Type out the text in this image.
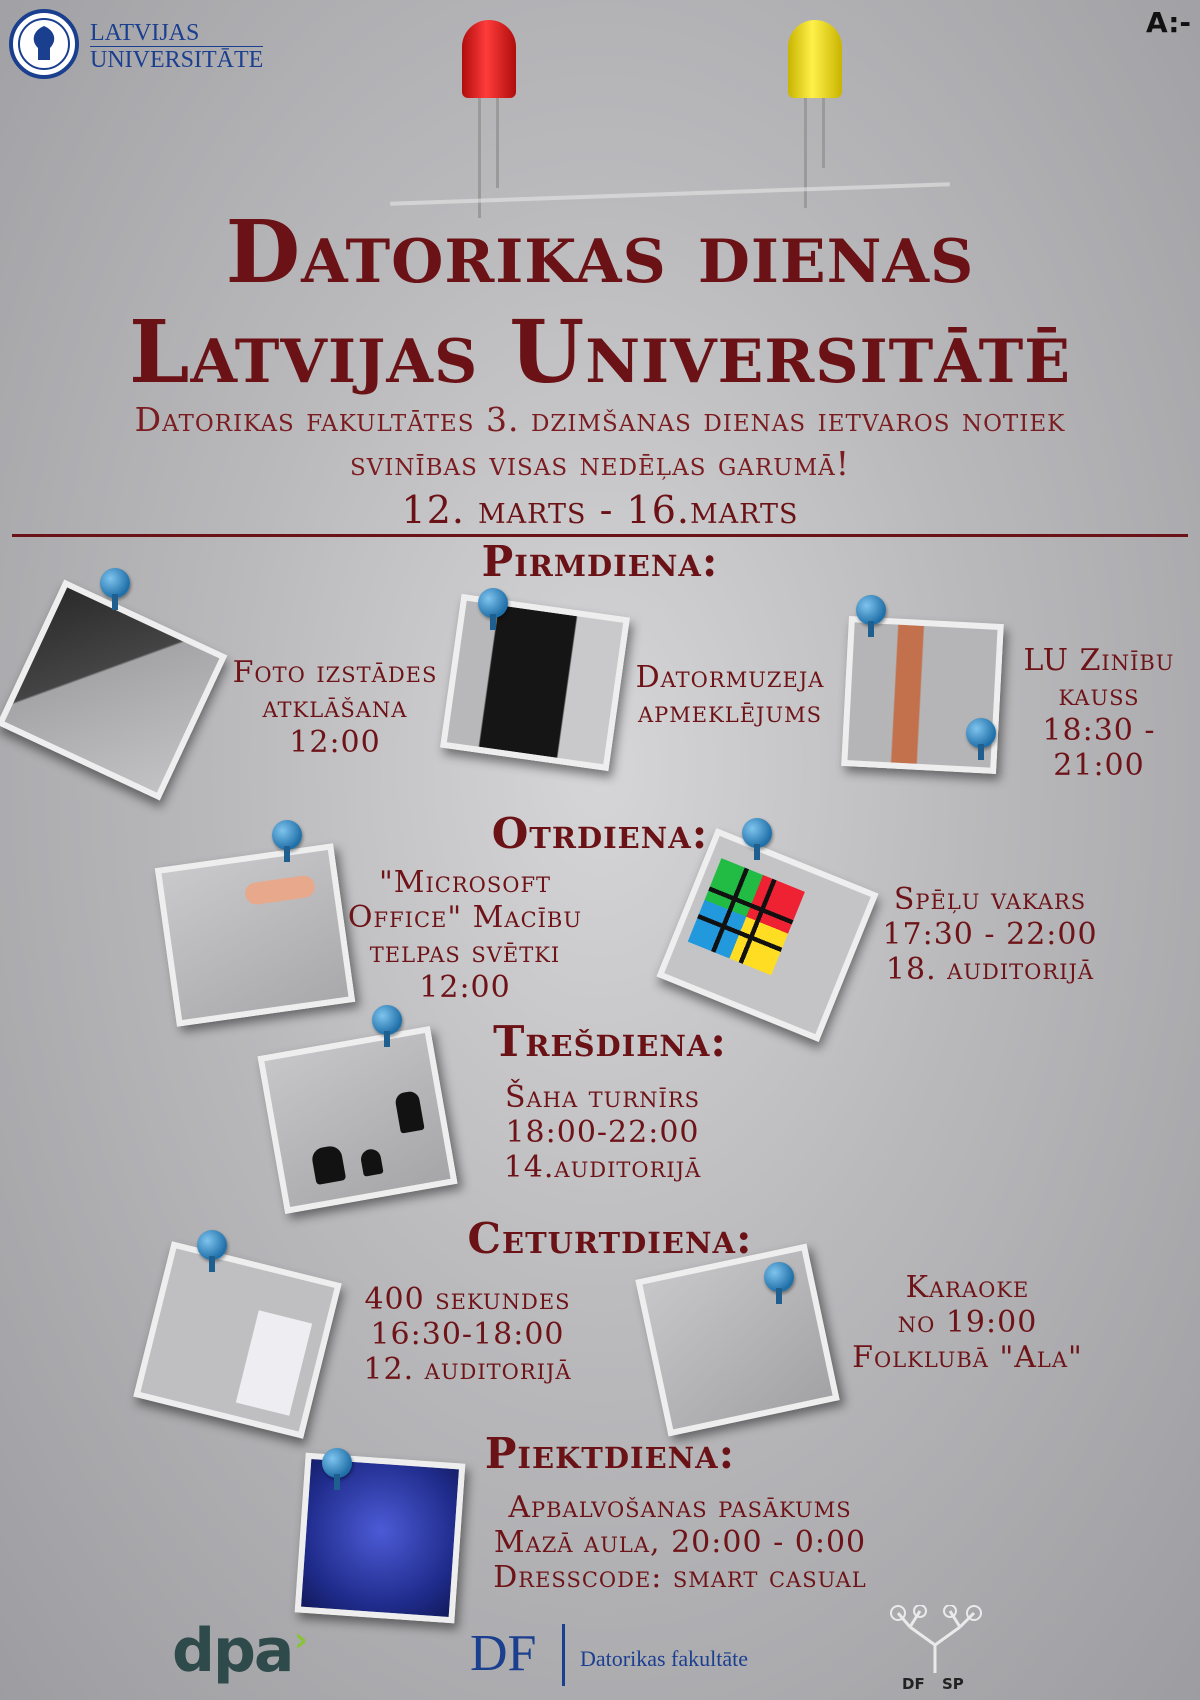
LATVIJAS
UNIVERSITĀTE
A:-
Datorikas dienas
Latvijas Universitātē
Datorikas fakultātes 3. dzimšanas dienas ietvaros notiek
svinības visas nedēļas garumā!
12. marts - 16.marts
Pirmdiena:
Foto izstādes
atklāšana
12:00
Datormuzeja
apmeklējums
LU Zinību
kauss
18:30 - 21:00
Otrdiena:
"Microsoft
Office" Macību
telpas svētki
12:00
Spēļu vakars
17:30 - 22:00
18. auditorijā
Trešdiena:
Šaha turnīrs
18:00-22:00
14.auditorijā
Ceturtdiena:
400 sekundes
16:30-18:00
12. auditorijā
Karaoke
no 19:00
Folklubā "Ala"
Piektdiena:
Apbalvošanas pasākums
Mazā aula, 20:00 - 0:00
Dresscode: smart casual
dpa ›	DF Datorikas fakultāte
DF SP
